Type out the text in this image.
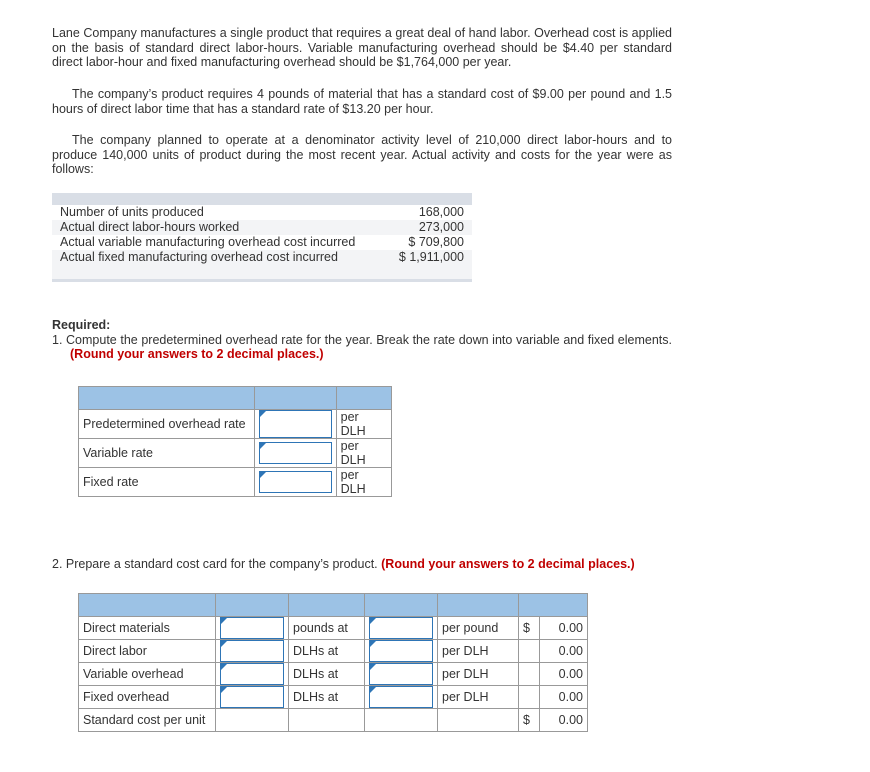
Lane Company manufactures a single product that requires a great deal of hand labor. Overhead cost is applied on the basis of standard direct labor-hours. Variable manufacturing overhead should be $4.40 per standard direct labor-hour and fixed manufacturing overhead should be $1,764,000 per year.
The company’s product requires 4 pounds of material that has a standard cost of $9.00 per pound and 1.5 hours of direct labor time that has a standard rate of $13.20 per hour.
The company planned to operate at a denominator activity level of 210,000 direct labor-hours and to produce 140,000 units of product during the most recent year. Actual activity and costs for the year were as follows:
Number of units produced	168,000
Actual direct labor-hours worked	273,000
Actual variable manufacturing overhead cost incurred	$ 709,800
Actual fixed manufacturing overhead cost incurred	$ 1,911,000
Required:
1. Compute the predetermined overhead rate for the year. Break the rate down into variable and fixed elements. (Round your answers to 2 decimal places.)

Predetermined overhead rate		per DLH
Variable rate		per DLH
Fixed rate		per DLH
2. Prepare a standard cost card for the company’s product. (Round your answers to 2 decimal places.)

Direct materials		pounds at		per pound	$	0.00
Direct labor		DLHs at		per DLH		0.00
Variable overhead		DLHs at		per DLH		0.00
Fixed overhead		DLHs at		per DLH		0.00
Standard cost per unit					$	0.00
